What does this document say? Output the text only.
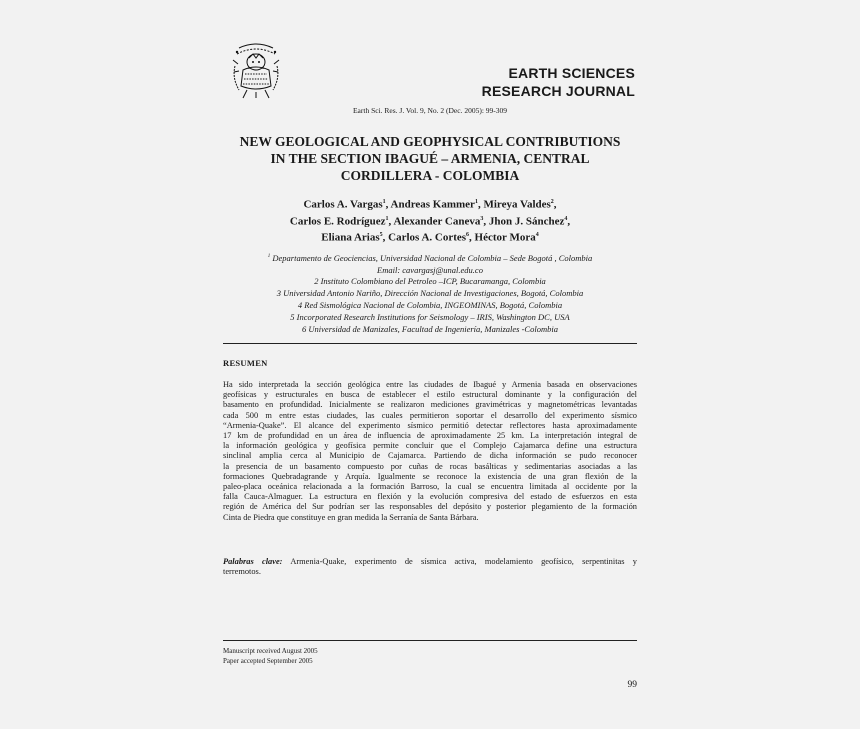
EARTH SCIENCES
RESEARCH JOURNAL
Earth Sci. Res. J. Vol. 9, No. 2 (Dec. 2005): 99-309
NEW GEOLOGICAL AND GEOPHYSICAL CONTRIBUTIONS
IN THE SECTION IBAGUÉ – ARMENIA, CENTRAL
CORDILLERA - COLOMBIA
Carlos A. Vargas$^1$, Andreas Kammer$^1$, Mireya Valdes$^2$,
Carlos E. Rodríguez$^1$, Alexander Caneva$^3$, Jhon J. Sánchez$^4$,
Eliana Arias$^5$, Carlos A. Cortes$^6$, Héctor Mora$^4$
$^1$ Departamento de Geociencias, Universidad Nacional de Colombia – Sede Bogotá , Colombia
Email: cavargasj@unal.edu.co
2 Instituto Colombiano del Petroleo –ICP, Bucaramanga, Colombia
3 Universidad Antonio Nariño, Dirección Nacional de Investigaciones, Bogotá, Colombia
4 Red Sismológica Nacional de Colombia, INGEOMINAS, Bogotá, Colombia
5 Incorporated Research Institutions for Seismology – IRIS, Washington DC, USA
6 Universidad de Manizales, Facultad de Ingeniería, Manizales -Colombia
RESUMEN
Ha sido interpretada la sección geológica entre las ciudades de Ibagué y Armenia basada en observaciones
geofísicas y estructurales en busca de establecer el estilo estructural dominante y la configuración del
basamento en profundidad. Inicialmente se realizaron mediciones gravimétricas y magnetométricas levantadas
cada 500 m entre estas ciudades, las cuales permitieron soportar el desarrollo del experimento sísmico
“Armenia-Quake”. El alcance del experimento sísmico permitió detectar reflectores hasta aproximadamente
17 km de profundidad en un área de influencia de aproximadamente 25 km. La interpretación integral de
la información geológica y geofísica permite concluir que el Complejo Cajamarca define una estructura
sinclinal amplia cerca al Municipio de Cajamarca. Partiendo de dicha información se pudo reconocer
la presencia de un basamento compuesto por cuñas de rocas basálticas y sedimentarias asociadas a las
formaciones Quebradagrande y Arquía. Igualmente se reconoce la existencia de una gran flexión de la
paleo-placa oceánica relacionada a la formación Barroso, la cual se encuentra limitada al occidente por la
falla Cauca-Almaguer. La estructura en flexión y la evolución compresiva del estado de esfuerzos en esta
región de América del Sur podrían ser las responsables del depósito y posterior plegamiento de la formación
Cinta de Piedra que constituye en gran medida la Serranía de Santa Bárbara.
Palabras clave: Armenia-Quake, experimento de sísmica activa, modelamiento geofísico, serpentinitas y
terremotos.
Manuscript received August 2005
Paper accepted September 2005
99
